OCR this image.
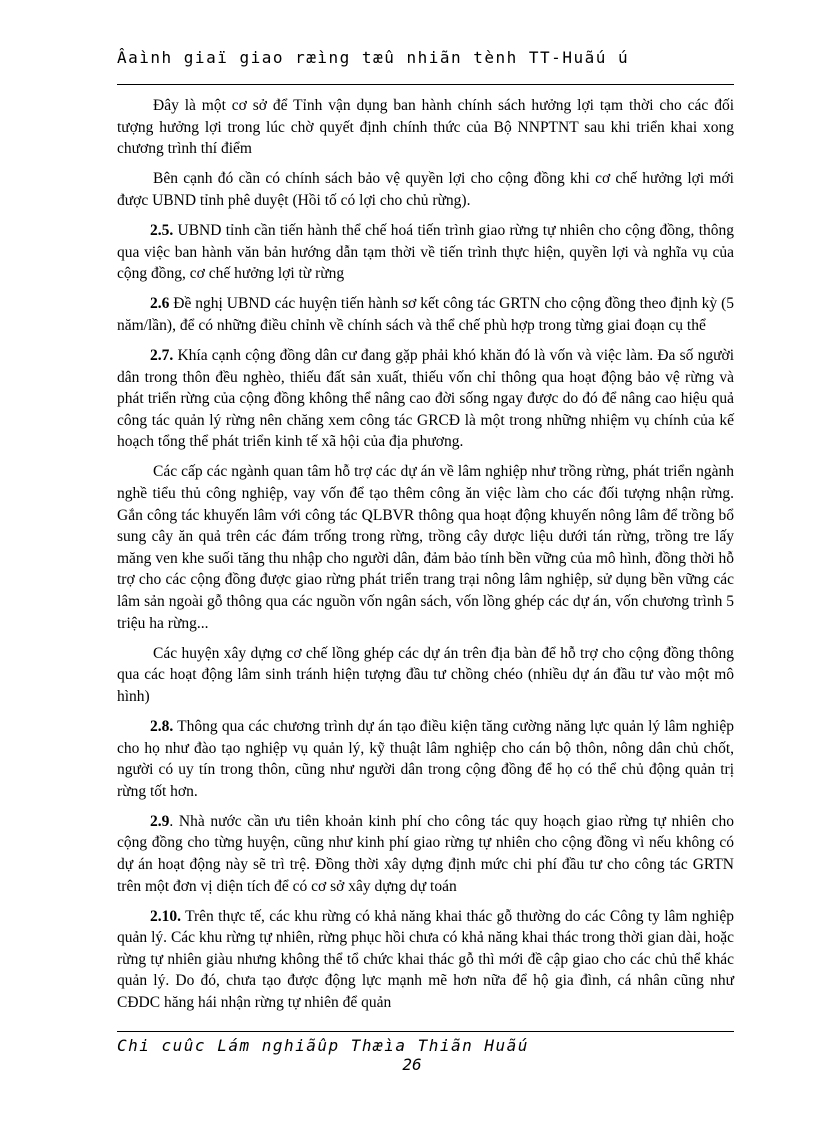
Âaình giaï giao ræìng tæû nhiãn tènh TT-Huãú ú

Đây là một cơ sở để Tỉnh vận dụng ban hành chính sách hưởng lợi tạm thời cho các đối tượng hưởng lợi trong lúc chờ quyết định chính thức của Bộ NNPTNT sau khi triển khai xong chương trình thí điểm

Bên cạnh đó cần có chính sách bảo vệ quyền lợi cho cộng đồng khi cơ chế hưởng lợi mới được UBND tỉnh phê duyệt (Hồi tố có lợi cho chủ rừng).

2.5. UBND tỉnh cần tiến hành thể chế hoá tiến trình giao rừng tự nhiên cho cộng đồng, thông qua việc ban hành văn bản hướng dẫn tạm thời về tiến trình thực hiện, quyền lợi và nghĩa vụ của cộng đồng, cơ chế hưởng lợi từ rừng

2.6 Đề nghị UBND các huyện tiến hành sơ kết công tác GRTN cho cộng đồng theo định kỳ (5 năm/lần), để có những điều chỉnh về chính sách và thể chế phù hợp trong từng giai đoạn cụ thể

2.7. Khía cạnh cộng đồng dân cư đang gặp phải khó khăn đó là vốn và việc làm. Đa số người dân trong thôn đều nghèo, thiếu đất sản xuất, thiếu vốn chỉ thông qua hoạt động bảo vệ rừng và phát triển rừng của cộng đồng không thể nâng cao đời sống ngay được do đó để nâng cao hiệu quả công tác quản lý rừng nên chăng xem công tác GRCĐ là một trong những nhiệm vụ chính của kế hoạch tổng thể phát triển kinh tế xã hội của địa phương.

Các cấp các ngành quan tâm hỗ trợ các dự án về lâm nghiệp như trồng rừng, phát triển ngành nghề tiểu thủ công nghiệp, vay vốn để tạo thêm công ăn việc làm cho các đối tượng nhận rừng. Gắn công tác khuyến lâm với công tác QLBVR thông qua hoạt động khuyến nông lâm để trồng bổ sung cây ăn quả trên các đám trống trong rừng, trồng cây dược liệu dưới tán rừng, trồng tre lấy măng ven khe suối tăng thu nhập cho người dân, đảm bảo tính bền vững của mô hình, đồng thời hỗ trợ cho các cộng đồng được giao rừng phát triển trang trại nông lâm nghiệp, sử dụng bền vững các lâm sản ngoài gỗ thông qua các nguồn vốn ngân sách, vốn lồng ghép các dự án, vốn chương trình 5 triệu ha rừng...

Các huyện xây dựng cơ chế lồng ghép các dự án trên địa bàn để hỗ trợ cho cộng đồng thông qua các hoạt động lâm sinh tránh hiện tượng đầu tư chồng chéo (nhiều dự án đầu tư vào một mô hình)

2.8. Thông qua các chương trình dự án tạo điều kiện tăng cường năng lực quản lý lâm nghiệp cho họ như đào tạo nghiệp vụ quản lý, kỹ thuật lâm nghiệp cho cán bộ thôn, nông dân chủ chốt, người có uy tín trong thôn, cũng như người dân trong cộng đồng để họ có thể chủ động quản trị rừng tốt hơn.

2.9. Nhà nước cần ưu tiên khoản kinh phí cho công tác quy hoạch giao rừng tự nhiên cho cộng đồng cho từng huyện, cũng như kinh phí giao rừng tự nhiên cho cộng đồng vì nếu không có dự án hoạt động này sẽ trì trệ. Đồng thời xây dựng định mức chi phí đầu tư cho công tác GRTN trên một đơn vị diện tích để có cơ sở xây dựng dự toán

2.10. Trên thực tế, các khu rừng có khả năng khai thác gỗ thường do các Công ty lâm nghiệp quản lý. Các khu rừng tự nhiên, rừng phục hồi chưa có khả năng khai thác trong thời gian dài, hoặc rừng tự nhiên giàu nhưng không thể tổ chức khai thác gỗ thì mới đề cập giao cho các chủ thể khác quản lý. Do đó, chưa tạo được động lực mạnh mẽ hơn nữa để hộ gia đình, cá nhân cũng như CĐDC hăng hái nhận rừng tự nhiên để quản

Chi cuûc Lám nghiãûp Thæìa Thiãn Huãú
26
